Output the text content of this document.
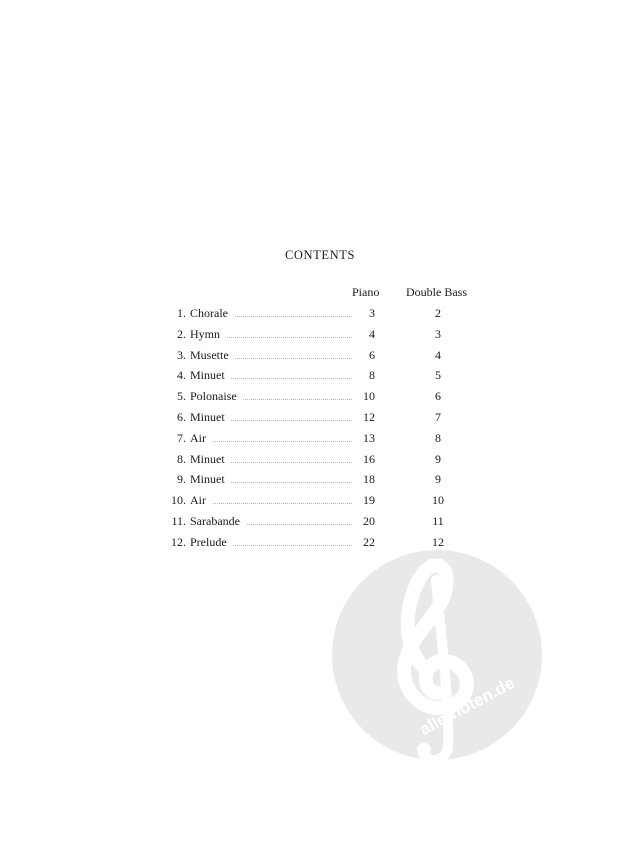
CONTENTS
Piano Double Bass
1. Chorale	3	2
2. Hymn	4	3
3. Musette	6	4
4. Minuet	8	5
5. Polonaise	10	6
6. Minuet	12	7
7. Air	13	8
8. Minuet	16	9
9. Minuet	18	9
10. Air	19	10
11. Sarabande	20	11
12. Prelude	22	12
alle-noten.de
